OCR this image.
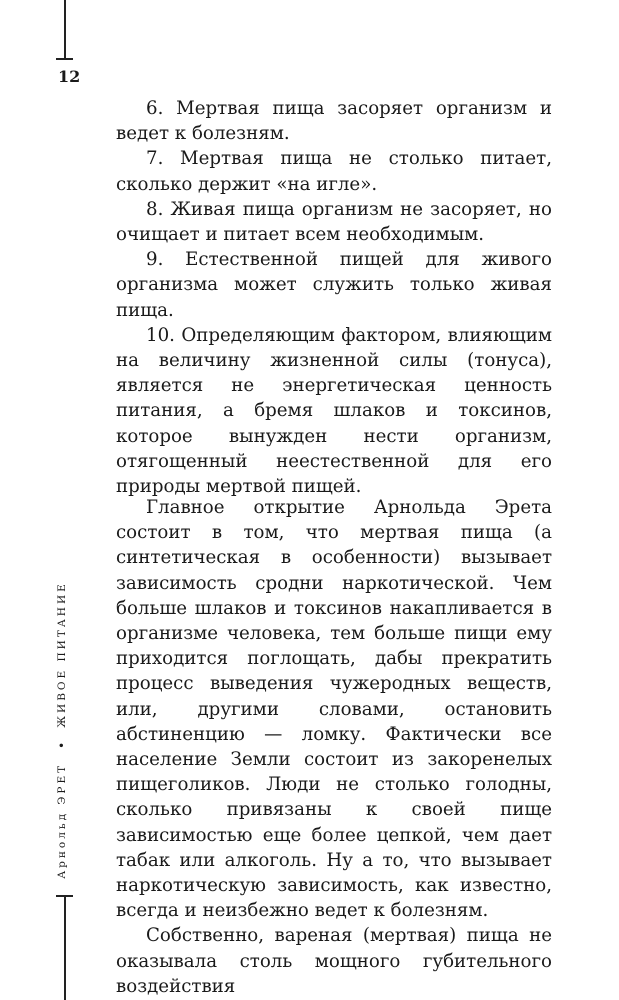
12
Арнольд ЭРЕТ
•
ЖИВОЕ ПИТАНИЕ

6. Мертвая пища засоряет организм и ведет к болезням.

7. Мертвая пища не столько питает, сколько держит «на игле».

8. Живая пища организм не засоряет, но очищает и питает всем необходимым.

9. Естественной пищей для живого организма может служить только живая пища.

10. Определяющим фактором, влияющим на величину жизненной силы (тонуса), является не энергетическая ценность питания, а бремя шлаков и токсинов, которое вынужден нести организм, отягощенный неестественной для его природы мертвой пищей.

Главное открытие Арнольда Эрета состоит в том, что мертвая пища (а синтетическая в особенности) вызывает зависимость сродни наркотической. Чем больше шлаков и токсинов накапливается в организме человека, тем больше пищи ему приходится поглощать, дабы прекратить процесс выведения чужеродных веществ, или, другими словами, остановить абстиненцию — ломку. Фактически все население Земли состоит из закоренелых пищеголиков. Люди не столько голодны, сколько привязаны к своей пище зависимостью еще более цепкой, чем дает табак или алкоголь. Ну а то, что вызывает наркотическую зависимость, как известно, всегда и неизбежно ведет к болезням.

Собственно, вареная (мертвая) пища не оказывала столь мощного губительного воздействия
